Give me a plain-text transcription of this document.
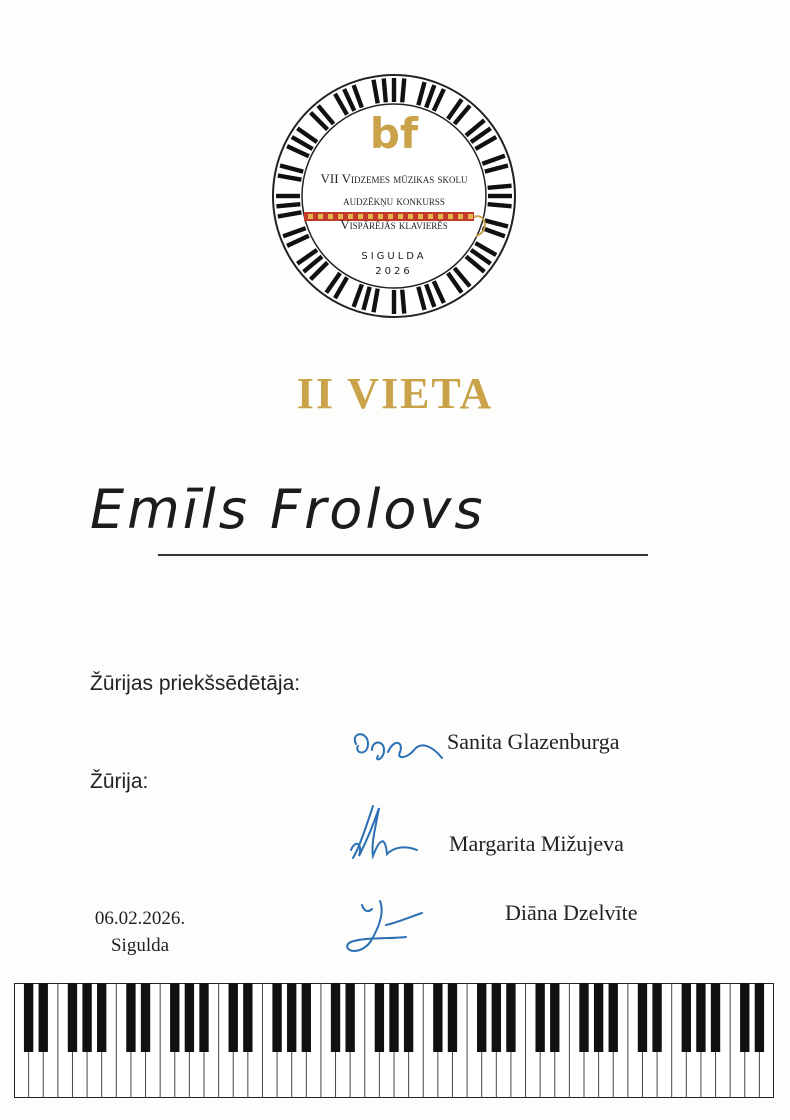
bf
VII Vidzemes mūzikas skolu
audzēkņu konkurss
Vispārējās klavierēs
SIGULDA
2026
II VIETA
Emīls Frolovs
Žūrijas priekšsēdētāja:
Žūrija:
Sanita Glazenburga
Margarita Mižujeva
Diāna Dzelvīte
06.02.2026.
Sigulda
